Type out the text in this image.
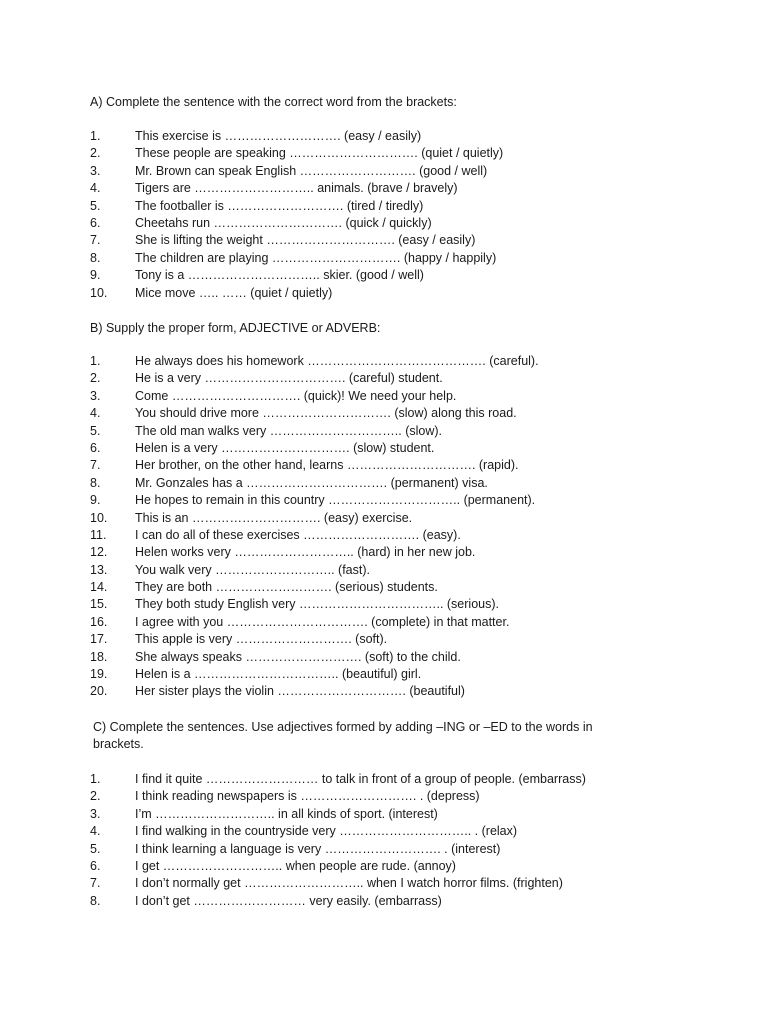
A) Complete the sentence with the correct word from the brackets:
1.	This exercise is ………………………. (easy / easily)
2.	These people are speaking …………………………. (quiet / quietly)
3.	Mr. Brown can speak English ………………………. (good / well)
4.	Tigers are ……………………….. animals. (brave / bravely)
5.	The footballer is ………………………. (tired / tiredly)
6.	Cheetahs run …………………………. (quick / quickly)
7.	She is lifting the weight …………………………. (easy / easily)
8.	The children are playing …………………………. (happy / happily)
9.	Tony is a ………………………….. skier. (good / well)
10.	Mice move ….. …… (quiet / quietly)
B) Supply the proper form, ADJECTIVE or ADVERB:
1.	He always does his homework ……………………………………. (careful).
2.	He is a very ……………………………. (careful) student.
3.	Come …………………………. (quick)! We need your help.
4.	You should drive more …………………………. (slow) along this road.
5.	The old man walks very ………………………….. (slow).
6.	Helen is a very …………………………. (slow) student.
7.	Her brother, on the other hand, learns …………………………. (rapid).
8.	Mr. Gonzales has a ……………………………. (permanent) visa.
9.	He hopes to remain in this country ………………………….. (permanent).
10.	This is an …………………………. (easy) exercise.
11.	I can do all of these exercises ………………………. (easy).
12.	Helen works very ……………………….. (hard) in her new job.
13.	You walk very ……………………….. (fast).
14.	They are both ………………………. (serious) students.
15.	They both study English very …………………………….. (serious).
16.	I agree with you ……………………………. (complete) in that matter.
17.	This apple is very ………………………. (soft).
18.	She always speaks ………………………. (soft) to the child.
19.	Helen is a …………………………….. (beautiful) girl.
20.	Her sister plays the violin …………………………. (beautiful)
C) Complete the sentences. Use adjectives formed by adding –ING or –ED to the words in brackets.
1.	I find it quite ……………………… to talk in front of a group of people. (embarrass)
2.	I think reading newspapers is ………………………. . (depress)
3.	I’m ……………………….. in all kinds of sport. (interest)
4.	I find walking in the countryside very ………………………….. . (relax)
5.	I think learning a language is very ………………………. . (interest)
6.	I get ……………………….. when people are rude. (annoy)
7.	I don’t normally get ……………………….. when I watch horror films. (frighten)
8.	I don’t get ……………………… very easily. (embarrass)
